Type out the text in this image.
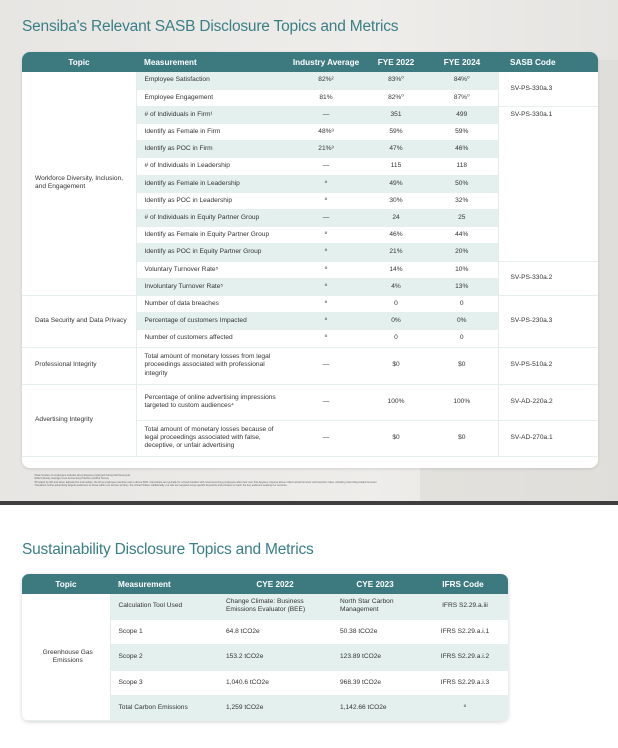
Sensiba's Relevant SASB Disclosure Topics and Metrics
Topic	Measurement	Industry Average	FYE 2022	FYE 2024	SASB Code
Workforce Diversity, Inclusion, and Engagement	Employee Satisfaction	82%²	83%⁰	84%⁰	SV-PS-330a.3
	Employee Engagement	81%	82%⁰	87%⁰	
	# of Individuals in Firm¹	—	351	499	SV-PS-330a.1
	Identify as Female in Firm	48%³	59%	59%	
	Identify as POC in Firm	21%³	47%	46%	
	# of Individuals in Leadership	—	115	118	
	Identify as Female in Leadership	º	49%	50%	
	Identify as POC in Leadership	º	30%	32%	
	# of Individuals in Equity Partner Group	—	24	25	
	Identify as Female in Equity Partner Group	º	46%	44%	
	Identify as POC in Equity Partner Group	º	21%	20%	
	Voluntary Turnover Rate⁵	º	14%	10%	SV-PS-330a.2
	Involuntary Turnover Rate⁵	º	4%	13%	
Data Security and Data Privacy	Number of data breaches	º	0	0	SV-PS-230a.3
	Percentage of customers Impacted	º	0%	0%	
	Number of customers affected	º	0	0	
Professional Integrity	Total amount of monetary losses from legal proceedings associated with professional integrity	—	$0	$0	SV-PS-510a.2
Advertising Integrity	Percentage of online advertising impressions targeted to custom audiences⁴	—	100%	100%	SV-AD-220a.2
	Total amount of monetary losses because of legal proceedings associated with false, deceptive, or unfair advertising	—	$0	$0	SV-AD-270a.1
¹Total number of employees includes all employees employed during that fiscal year
²2022 Industry average of an Accounting Practice (AAKH) Survey
³Provided by HR and when adjusted for internships, the firms employee retention rate is above 83%. Internships are typically for a fixed duration with most becoming employees after their own first degrees. Figures above reflect actual turnover and retention rates, including internship-related turnover.
⁴Sensiba's online advertising targets audiences to those within our service territory, the United States. Additionally, our ads are targeted using specific keywords and phrases to reach the key audience seeking our services.
Sustainability Disclosure Topics and Metrics
Topic	Measurement	CYE 2022	CYE 2023	IFRS Code
Greenhouse Gas Emissions	Calculation Tool Used	Change Climate: Business Emissions Evaluator (BEE)	North Star Carbon Management	IFRS S2.29.a.iii
	Scope 1	64.8 tCO2e	50.38 tCO2e	IFRS S2.29.a.i.1
	Scope 2	153.2 tCO2e	123.89 tCO2e	IFRS S2.29.a.i.2
	Scope 3	1,040.6 tCO2e	968.39 tCO2e	IFRS S2.29.a.i.3
	Total Carbon Emissions	1,259 tCO2e	1,142.66 tCO2e	º
